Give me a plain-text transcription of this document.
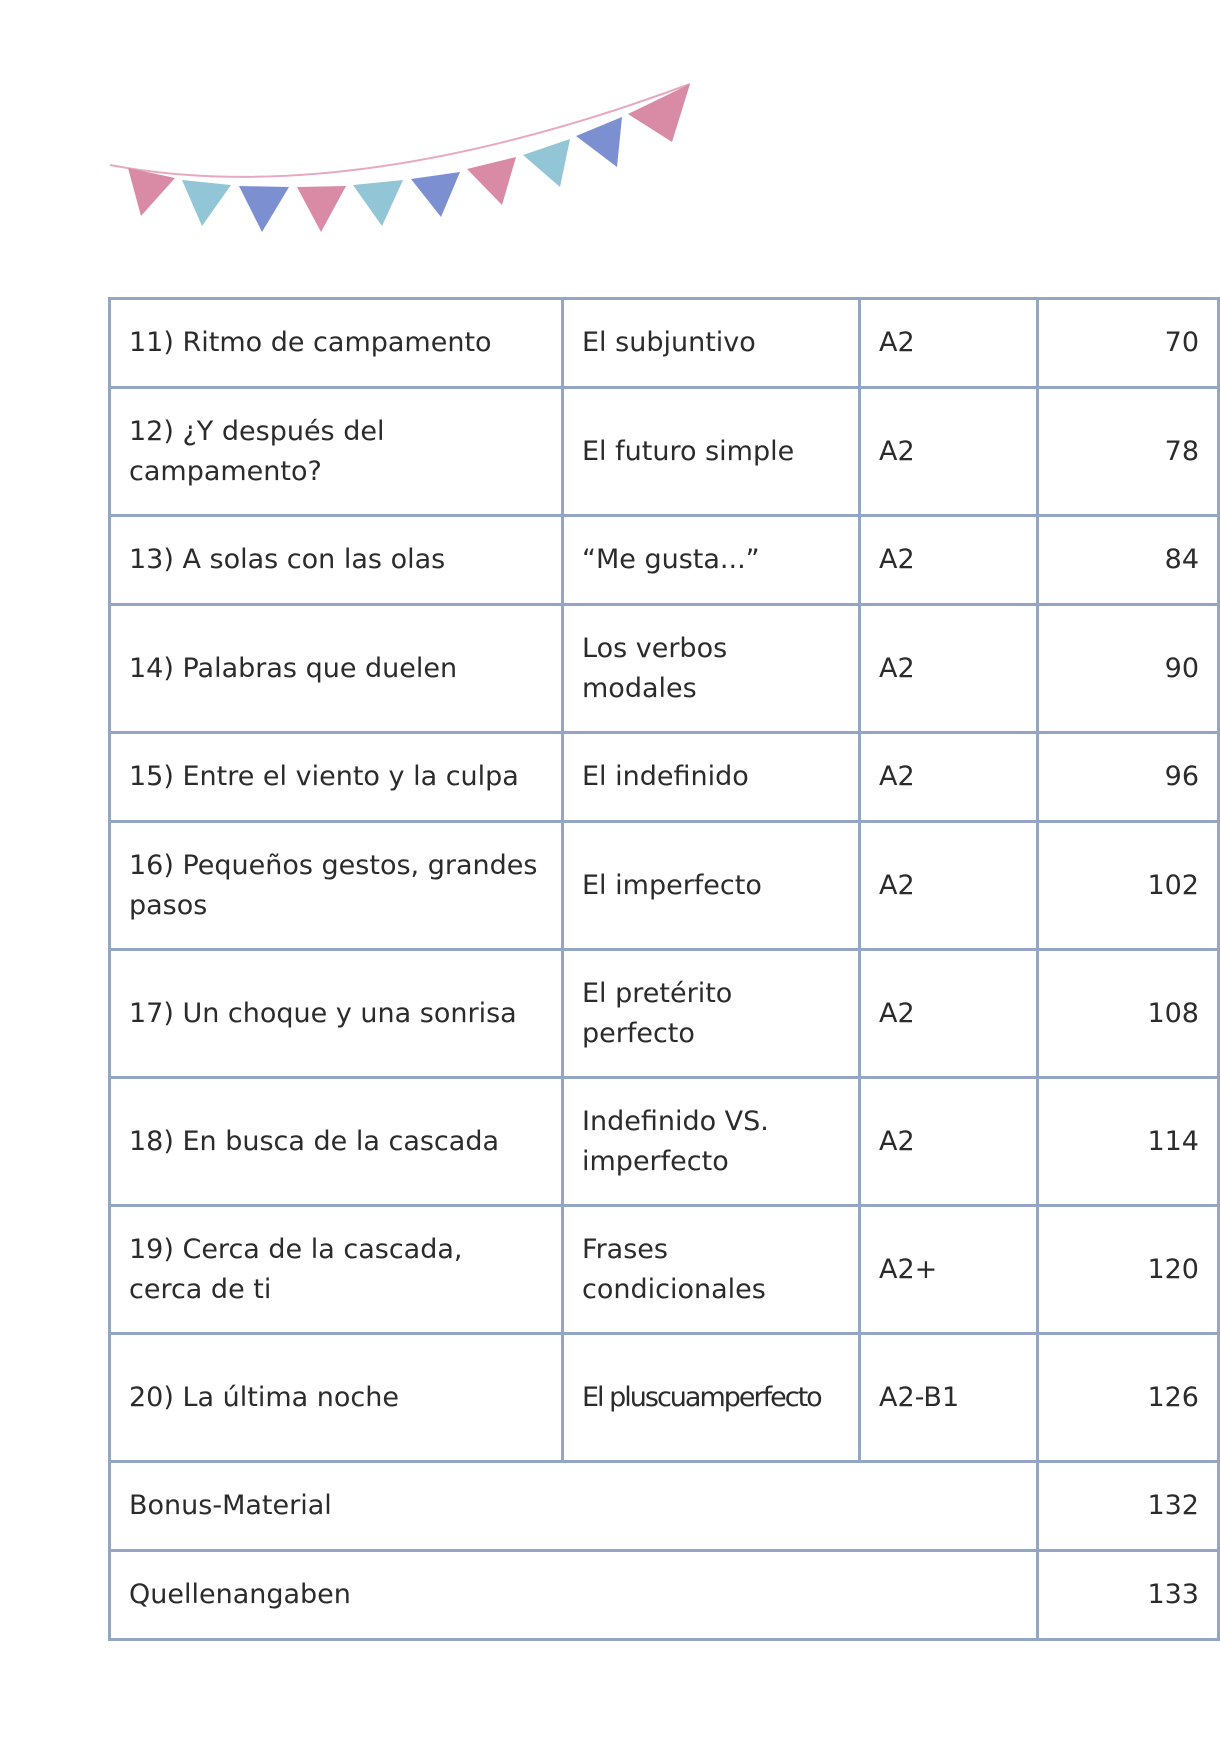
11) Ritmo de campamento	El subjuntivo	A2	70
12) ¿Y después del campamento?	El futuro simple	A2	78
13) A solas con las olas	“Me gusta...”	A2	84
14) Palabras que duelen	Los verbos modales	A2	90
15) Entre el viento y la culpa	El indefinido	A2	96
16) Pequeños gestos, grandes pasos	El imperfecto	A2	102
17) Un choque y una sonrisa	El pretérito perfecto	A2	108
18) En busca de la cascada	Indefinido VS. imperfecto	A2	114
19) Cerca de la cascada, cerca de ti	Frases condicionales	A2+	120
20) La última noche	El pluscuamperfecto	A2-B1	126
Bonus-Material			132
Quellenangaben			133
